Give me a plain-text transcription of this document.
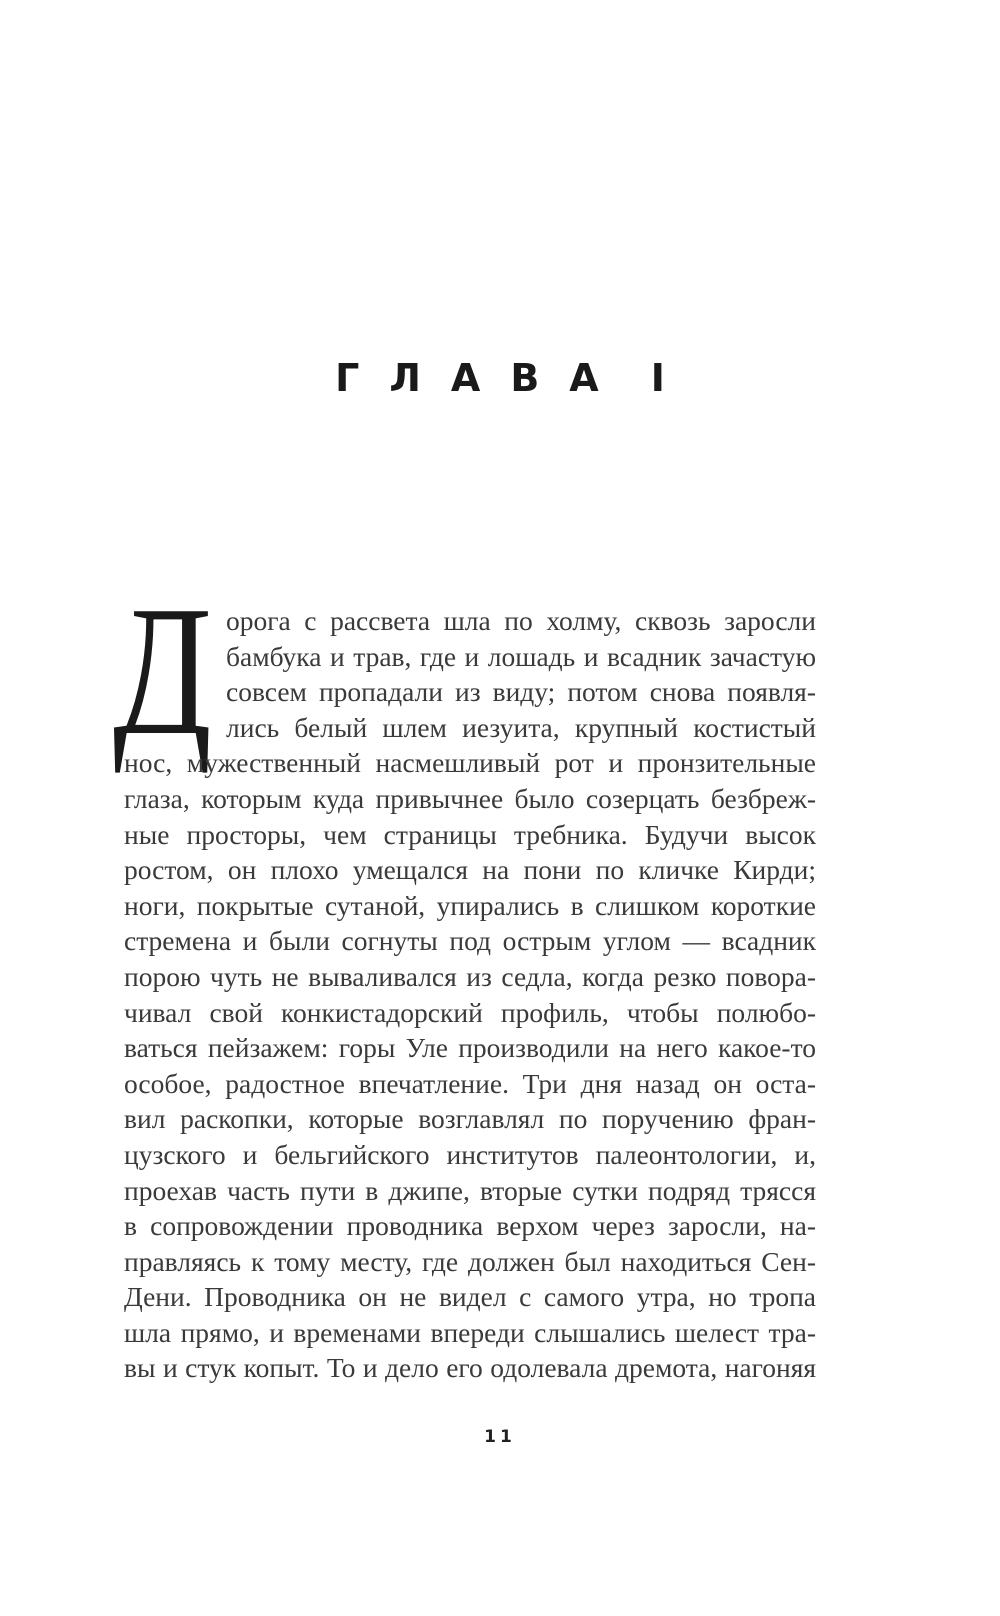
ГЛАВА I
Д орога с рассвета шла по холму, сквозь заросли
бамбука и трав, где и лошадь и всадник зачастую
совсем пропадали из виду; потом снова появля-
лись белый шлем иезуита, крупный костистый
нос, мужественный насмешливый рот и пронзительные
глаза, которым куда привычнее было созерцать безбреж-
ные просторы, чем страницы требника. Будучи высок
ростом, он плохо умещался на пони по кличке Кирди;
ноги, покрытые сутаной, упирались в слишком короткие
стремена и были согнуты под острым углом — всадник
порою чуть не вываливался из седла, когда резко повора-
чивал свой конкистадорский профиль, чтобы полюбо-
ваться пейзажем: горы Уле производили на него какое-то
особое, радостное впечатление. Три дня назад он оста-
вил раскопки, которые возглавлял по поручению фран-
цузского и бельгийского институтов палеонтологии, и,
проехав часть пути в джипе, вторые сутки подряд трясся
в сопровождении проводника верхом через заросли, на-
правляясь к тому месту, где должен был находиться Сен-
Дени. Проводника он не видел с самого утра, но тропа
шла прямо, и временами впереди слышались шелест тра-
вы и стук копыт. То и дело его одолевала дремота, нагоняя
11
